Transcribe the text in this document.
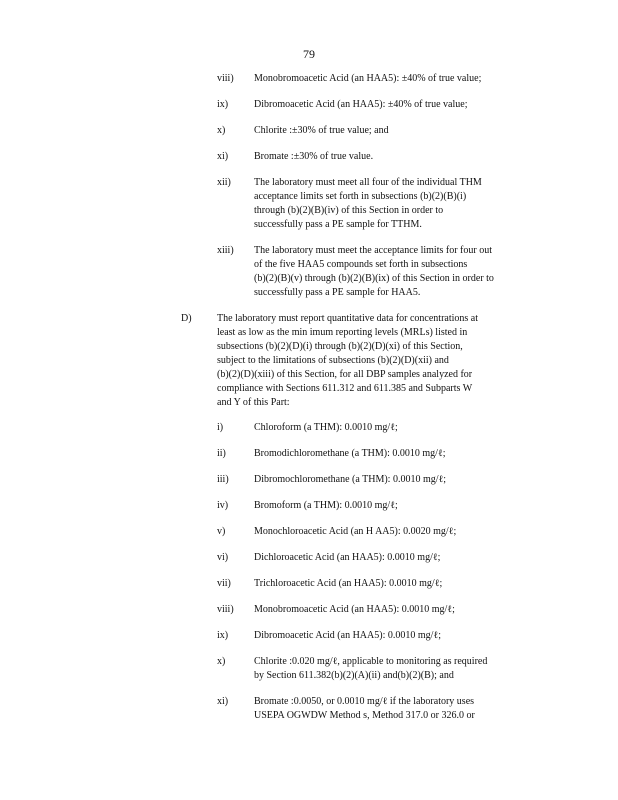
79
viii) Monobromoacetic Acid (an HAA5): ±40% of true value;
ix)	Dibromoacetic Acid (an HAA5): ±40% of true value;
x)	Chlorite :±30% of true value; and
xi)	Bromate :±30% of true value.
xii) The laboratory must meet all four of the individual THM
acceptance limits set forth in subsections (b)(2)(B)(i)
through (b)(2)(B)(iv) of this Section in order to
successfully pass a PE sample for TTHM.
xiii) The laboratory must meet the acceptance limits for four out
of the five HAA5 compounds set forth in subsections
(b)(2)(B)(v) through (b)(2)(B)(ix) of this Section in order to
successfully pass a PE sample for HAA5.
D)	The laboratory must report quantitative data for concentrations at
least as low as the min imum reporting levels (MRLs) listed in
subsections (b)(2)(D)(i) through (b)(2)(D)(xi) of this Section,
subject to the limitations of subsections (b)(2)(D)(xii) and
(b)(2)(D)(xiii) of this Section, for all DBP samples analyzed for
compliance with Sections 611.312 and 611.385 and Subparts W
and Y of this Part:
i)	Chloroform (a THM): 0.0010 mg/ℓ;
ii)	Bromodichloromethane (a THM): 0.0010 mg/ℓ;
iii)	Dibromochloromethane (a THM): 0.0010 mg/ℓ;
iv)	Bromoform (a THM): 0.0010 mg/ℓ;
v)	Monochloroacetic Acid (an H AA5): 0.0020 mg/ℓ;
vi)	Dichloroacetic Acid (an HAA5): 0.0010 mg/ℓ;
vii) Trichloroacetic Acid (an HAA5): 0.0010 mg/ℓ;
viii) Monobromoacetic Acid (an HAA5): 0.0010 mg/ℓ;
ix)	Dibromoacetic Acid (an HAA5): 0.0010 mg/ℓ;
x)	Chlorite :0.020 mg/ℓ, applicable to monitoring as required
by Section 611.382(b)(2)(A)(ii) and(b)(2)(B); and
xi)	Bromate :0.0050, or 0.0010 mg/ℓ if the laboratory uses
USEPA OGWDW Method s, Method 317.0 or 326.0 or
